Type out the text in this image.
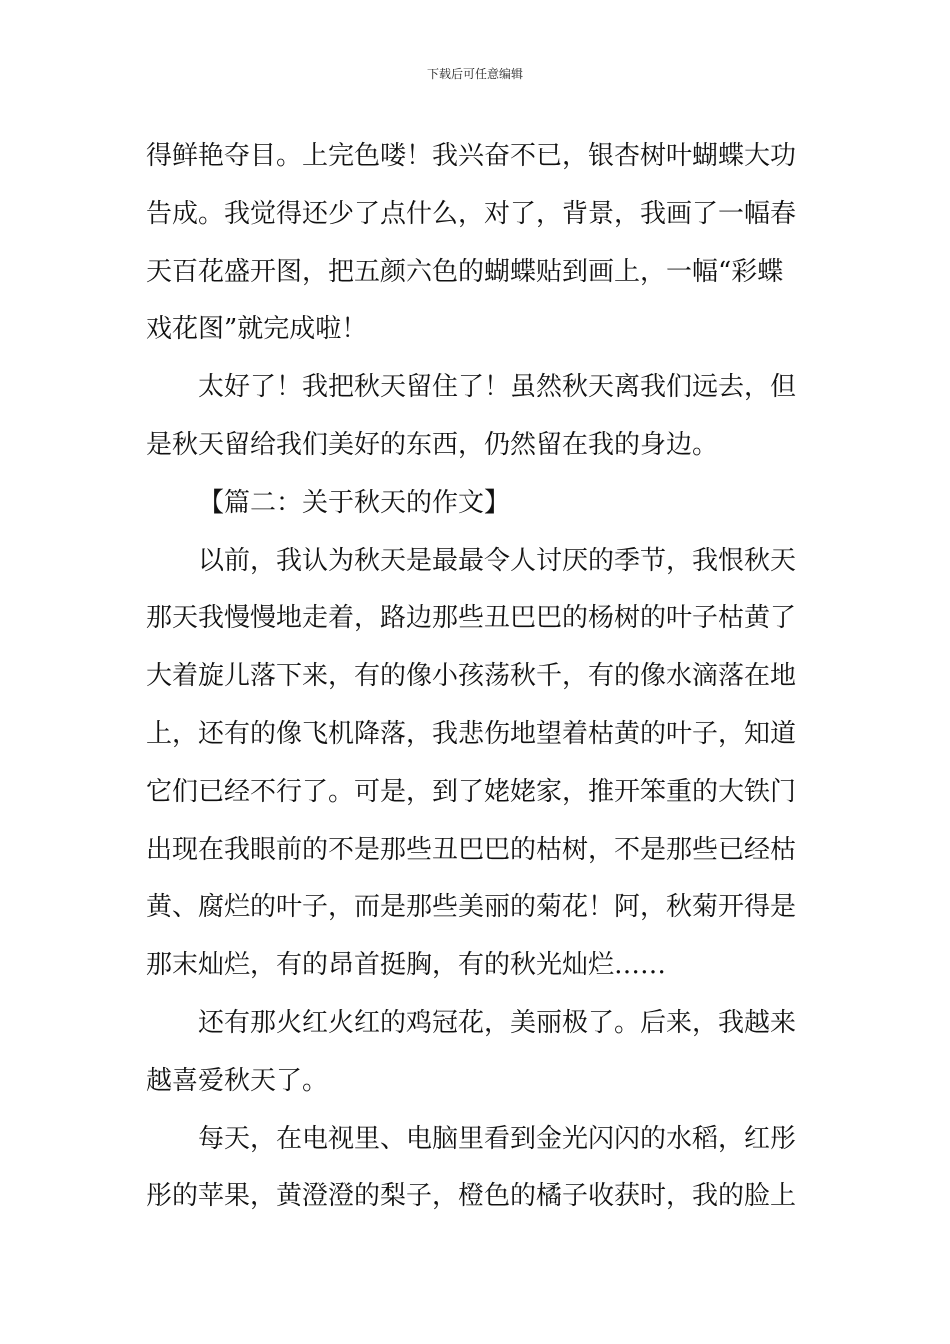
下载后可任意编辑
得鲜艳夺目。上完色喽！我兴奋不已，银杏树叶蝴蝶大功
告成。我觉得还少了点什么，对了，背景，我画了一幅春
天百花盛开图，把五颜六色的蝴蝶贴到画上，一幅“彩蝶
戏花图”就完成啦！
太好了！我把秋天留住了！虽然秋天离我们远去，但
是秋天留给我们美好的东西，仍然留在我的身边。
【篇二：关于秋天的作文】
以前，我认为秋天是最最令人讨厌的季节，我恨秋天
那天我慢慢地走着，路边那些丑巴巴的杨树的叶子枯黄了
大着旋儿落下来，有的像小孩荡秋千，有的像水滴落在地
上，还有的像飞机降落，我悲伤地望着枯黄的叶子，知道
它们已经不行了。可是，到了姥姥家，推开笨重的大铁门
出现在我眼前的不是那些丑巴巴的枯树，不是那些已经枯
黄、腐烂的叶子，而是那些美丽的菊花！阿，秋菊开得是
那末灿烂，有的昂首挺胸，有的秋光灿烂……
还有那火红火红的鸡冠花，美丽极了。后来，我越来
越喜爱秋天了。
每天，在电视里、电脑里看到金光闪闪的水稻，红彤
彤的苹果，黄澄澄的梨子，橙色的橘子收获时，我的脸上
